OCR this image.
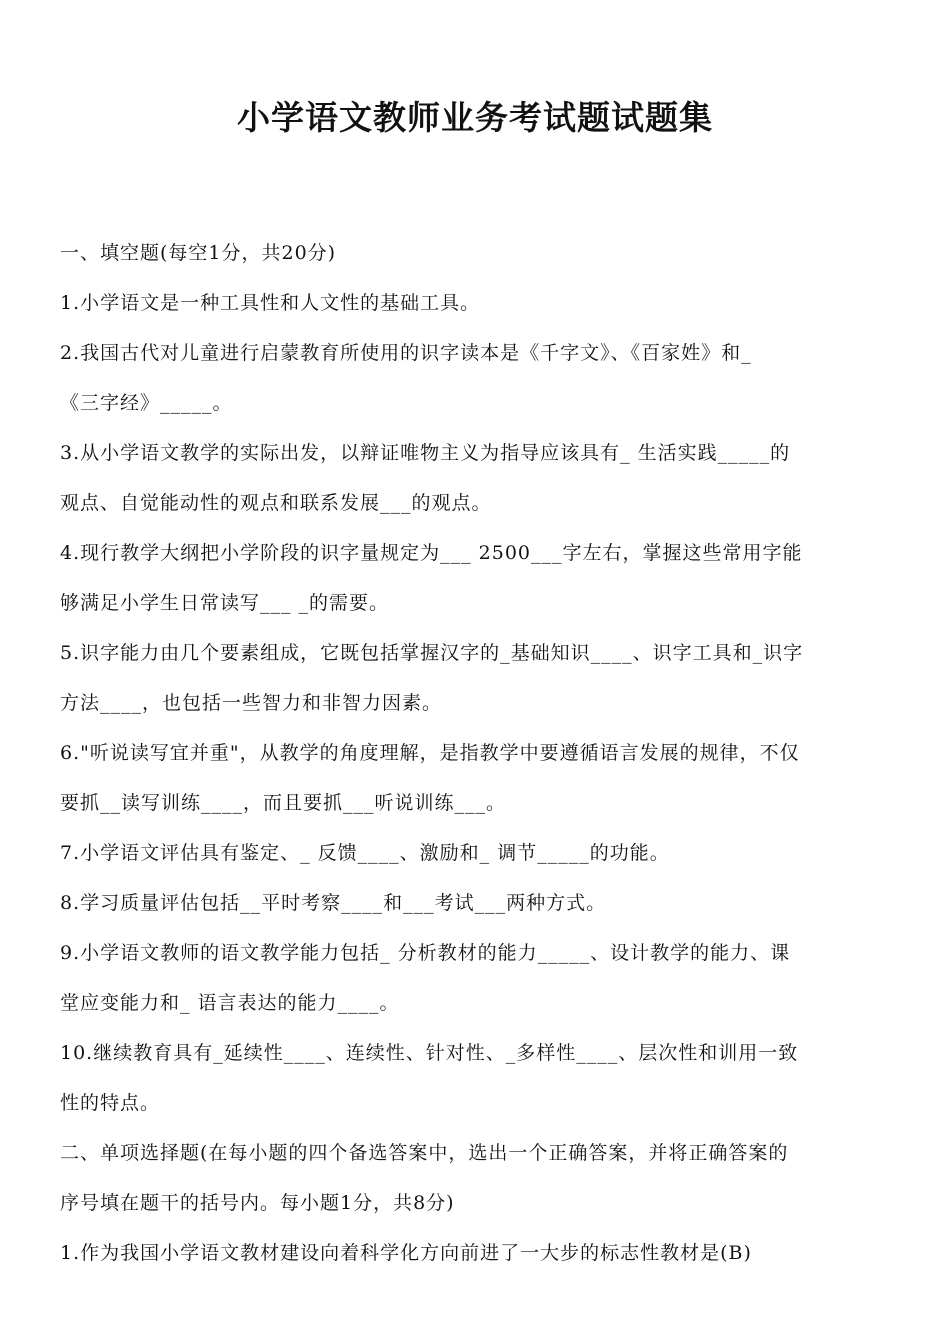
小学语文教师业务考试题试题集
一、填空题(每空1分，共20分)
1.小学语文是一种工具性和人文性的基础工具。
2.我国古代对儿童进行启蒙教育所使用的识字读本是《千字文》、《百家姓》和_
《三字经》_____。
3.从小学语文教学的实际出发，以辩证唯物主义为指导应该具有_ 生活实践_____的
观点、自觉能动性的观点和联系发展___的观点。
4.现行教学大纲把小学阶段的识字量规定为___ 2500___字左右，掌握这些常用字能
够满足小学生日常读写___ _的需要。
5.识字能力由几个要素组成，它既包括掌握汉字的_基础知识____、识字工具和_识字
方法____，也包括一些智力和非智力因素。
6."听说读写宜并重"，从教学的角度理解，是指教学中要遵循语言发展的规律，不仅
要抓__读写训练____，而且要抓___听说训练___。
7.小学语文评估具有鉴定、_ 反馈____、激励和_ 调节_____的功能。
8.学习质量评估包括__平时考察____和___考试___两种方式。
9.小学语文教师的语文教学能力包括_ 分析教材的能力_____、设计教学的能力、课
堂应变能力和_ 语言表达的能力____。
10.继续教育具有_延续性____、连续性、针对性、_多样性____、层次性和训用一致
性的特点。
二、单项选择题(在每小题的四个备选答案中，选出一个正确答案，并将正确答案的
序号填在题干的括号内。每小题1分，共8分)
1.作为我国小学语文教材建设向着科学化方向前进了一大步的标志性教材是(B)
